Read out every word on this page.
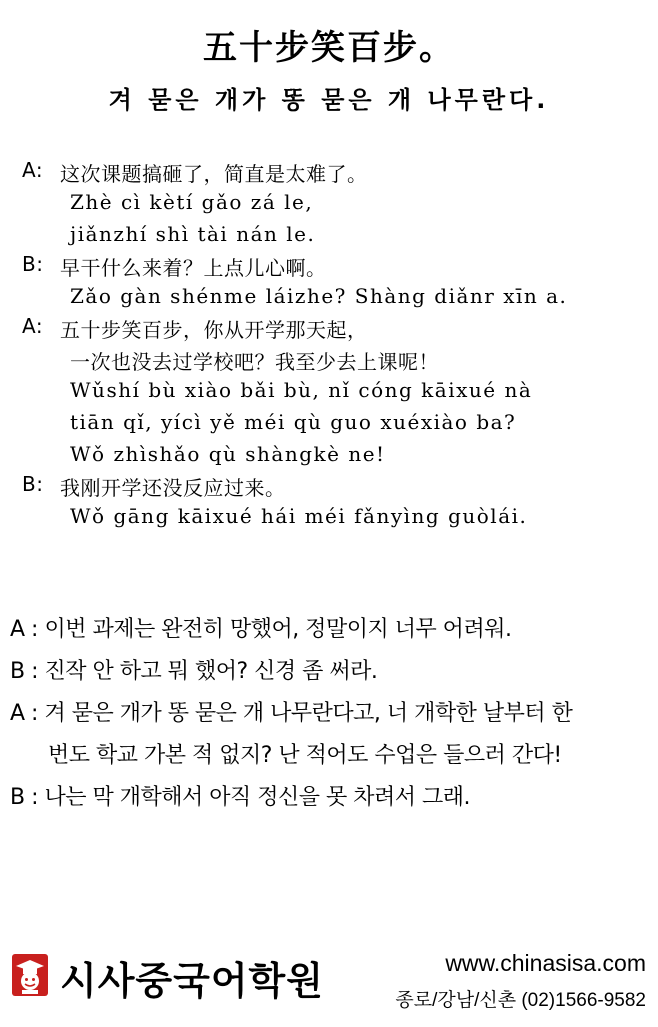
五十步笑百步。
겨 묻은 개가 똥 묻은 개 나무란다.
A: 这次课题搞砸了，简直是太难了。
Zhè cì kètí gǎo zá le,
jiǎnzhí shì tài nán le.
B: 早干什么来着？上点儿心啊。
Zǎo gàn shénme láizhe? Shàng diǎnr xīn a.
A: 五十步笑百步，你从开学那天起，
一次也没去过学校吧？我至少去上课呢！
Wǔshí bù xiào bǎi bù, nǐ cóng kāixué nà
tiān qǐ, yícì yě méi qù guo xuéxiào ba?
Wǒ zhìshǎo qù shàngkè ne!
B: 我刚开学还没反应过来。
Wǒ gāng kāixué hái méi fǎnyìng guòlái.
A : 이번 과제는 완전히 망했어, 정말이지 너무 어려워.
B : 진작 안 하고 뭐 했어? 신경 좀 써라.
A : 겨 묻은 개가 똥 묻은 개 나무란다고, 너 개학한 날부터 한
번도 학교 가본 적 없지? 난 적어도 수업은 들으러 간다!
B : 나는 막 개학해서 아직 정신을 못 차려서 그래.
시사중국어학원	www.chinasisa.com
종로/강남/신촌 (02)1566-9582
